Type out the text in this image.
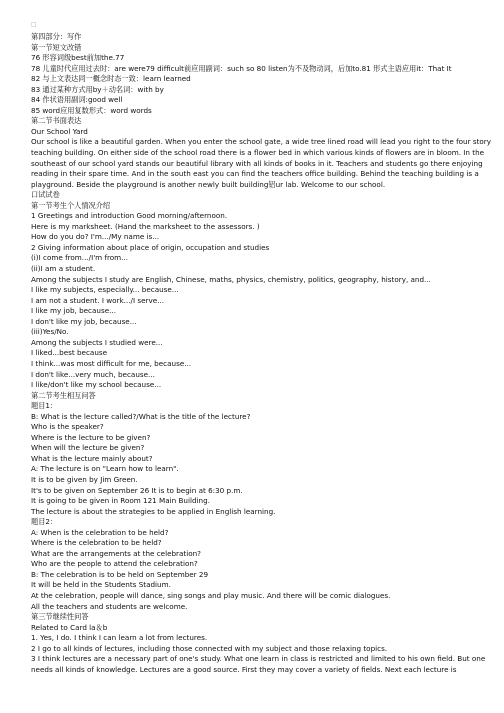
□
第四部分：写作
第一节短文改错
76 形容词级best前加the.77
78 儿童时代应用过去时：are were79 difficult前应用副词：such so 80 listen为不及物动词，后加to.81 形式主语应用it：That It
82 与上文表达同一概念时态一致：learn learned
83 通过某种方式用by＋动名词：with by
84 作状语用副词:good well
85 word应用复数形式：word words
第二节书面表达
Our School Yard
Our school is like a beautiful garden. When you enter the school gate, a wide tree lined road will lead you right to the four story teaching building. On either side of the school road there is a flower bed in which various kinds of flowers are in bloom. In the southeast of our school yard stands our beautiful library with all kinds of books in it. Teachers and students go there enjoying reading in their spare time. And in the south east you can find the teachers office building. Behind the teaching building is a playground. Beside the playground is another newly built building铝ur lab. Welcome to our school.
口试试卷
第一节考生个人情况介绍
1 Greetings and introduction Good morning/afternoon.
Here is my marksheet. (Hand the marksheet to the assessors. )
How do you do? I'm.../My name is...
2 Giving information about place of origin, occupation and studies
(i)I come from.../I'm from...
(ii)I am a student.
Among the subjects I study are English, Chinese, maths, physics, chemistry, politics, geography, history, and...
I like my subjects, especially... because...
I am not a student. I work.../I serve...
I like my job, because...
I don't like my job, because...
(iii)Yes/No.
Among the subjects I studied were...
I liked...best because
I think...was most difficult for me, because...
I don't like...very much, because...
I like/don't like my school because...
第二节考生相互问答
题目1：
B: What is the lecture called?/What is the title of the lecture?
Who is the speaker?
Where is the lecture to be given?
When will the lecture be given?
What is the lecture mainly about?
A: The lecture is on "Learn how to learn".
It is to be given by Jim Green.
It's to be given on September 26 It is to begin at 6:30 p.m.
It is going to be given in Room 121 Main Building.
The lecture is about the strategies to be applied in English learning.
题目2：
A: When is the celebration to be held?
Where is the celebration to be held?
What are the arrangements at the celebration?
Who are the people to attend the celebration?
B: The celebration is to be held on September 29
It will be held in the Students Stadium.
At the celebration, people will dance, sing songs and play music. And there will be comic dialogues.
All the teachers and students are welcome.
第三节继续性问答
Related to Card la＆b
1. Yes, I do. I think I can learn a lot from lectures.
2 I go to all kinds of lectures, including those connected with my subject and those relaxing topics.
3 I think lectures are a necessary part of one's study. What one learn in class is restricted and limited to his own field. But one needs all kinds of knowledge. Lectures are a good source. First they may cover a variety of fields. Next each lecture is
